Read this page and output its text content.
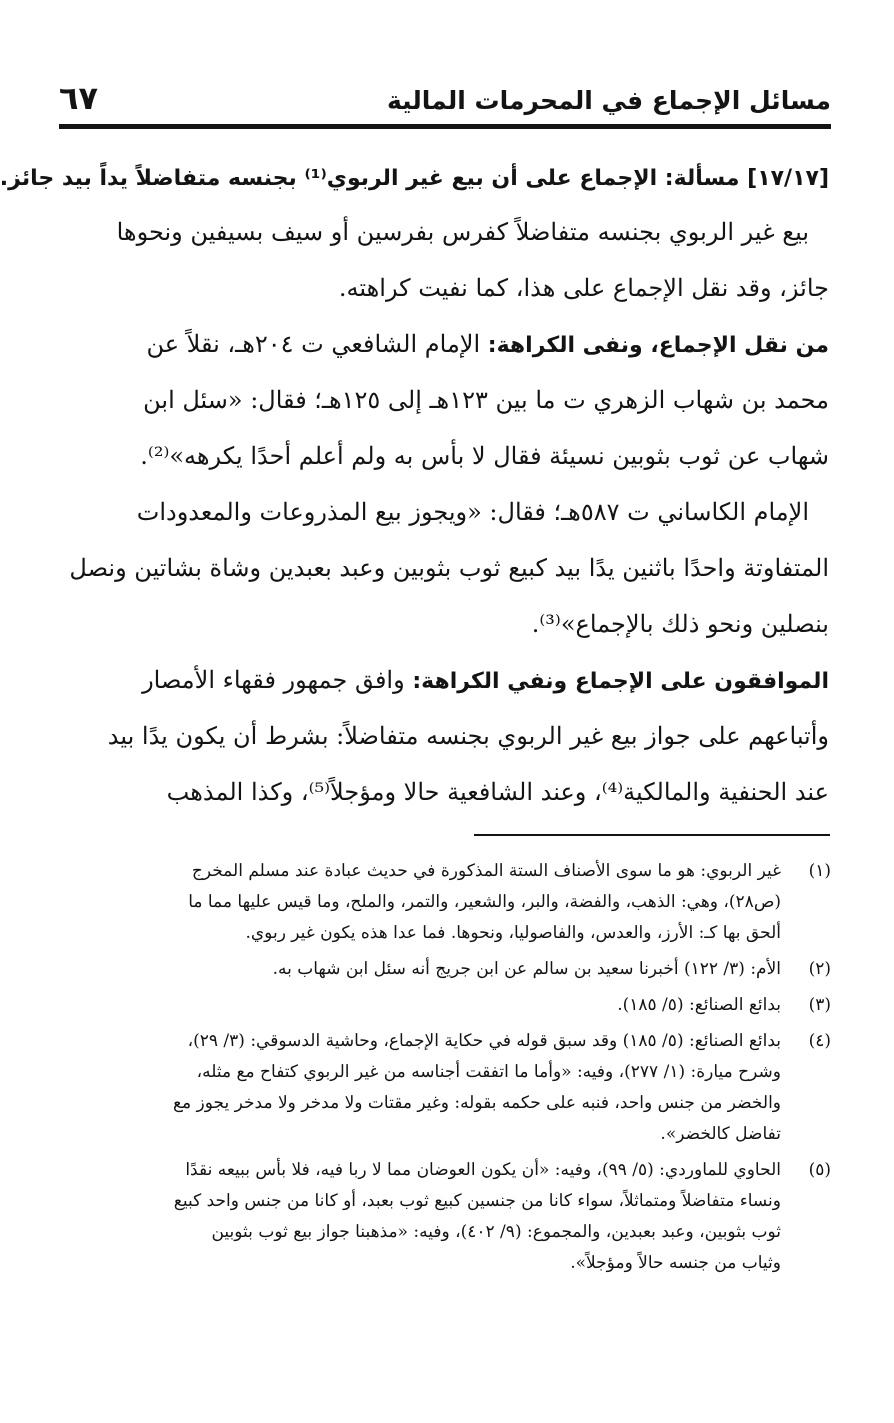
مسائل الإجماع في المحرمات المالية
٦٧
[١٧/١٧] مسألة: الإجماع على أن بيع غير الربوي⁽¹⁾ بجنسه متفاضلاً يداً بيد جائز.
بيع غير الربوي بجنسه متفاضلاً كفرس بفرسين أو سيف بسيفين ونحوها
جائز، وقد نقل الإجماع على هذا، كما نفيت كراهته.
من نقل الإجماع، ونفى الكراهة: الإمام الشافعي ت ٢٠٤هـ، نقلاً عن
محمد بن شهاب الزهري ت ما بين ١٢٣هـ إلى ١٢٥هـ؛ فقال: «سئل ابن
شهاب عن ثوب بثوبين نسيئة فقال لا بأس به ولم أعلم أحدًا يكرهه»⁽²⁾.
الإمام الكاساني ت ٥٨٧هـ؛ فقال: «ويجوز بيع المذروعات والمعدودات
المتفاوتة واحدًا باثنين يدًا بيد كبيع ثوب بثوبين وعبد بعبدين وشاة بشاتين ونصل
بنصلين ونحو ذلك بالإجماع»⁽³⁾.
الموافقون على الإجماع ونفي الكراهة: وافق جمهور فقهاء الأمصار
وأتباعهم على جواز بيع غير الربوي بجنسه متفاضلاً: بشرط أن يكون يدًا بيد
عند الحنفية والمالكية⁽⁴⁾، وعند الشافعية حالا ومؤجلاً⁽⁵⁾، وكذا المذهب
(١)غير الربوي: هو ما سوى الأصناف الستة المذكورة في حديث عبادة عند مسلم المخرج
(ص٢٨)، وهي: الذهب، والفضة، والبر، والشعير، والتمر، والملح، وما قيس عليها مما ما
ألحق بها كـ: الأرز، والعدس، والفاصوليا، ونحوها. فما عدا هذه يكون غير ربوي.
(٢)الأم: (٣/ ١٢٢) أخبرنا سعيد بن سالم عن ابن جريج أنه سئل ابن شهاب به.
(٣)بدائع الصنائع: (٥/ ١٨٥).
(٤)بدائع الصنائع: (٥/ ١٨٥) وقد سبق قوله في حكاية الإجماع، وحاشية الدسوقي: (٣/ ٢٩)،
وشرح ميارة: (١/ ٢٧٧)، وفيه: «وأما ما اتفقت أجناسه من غير الربوي كتفاح مع مثله،
والخضر من جنس واحد، فنبه على حكمه بقوله: وغير مقتات ولا مدخر ولا مدخر يجوز مع
تفاضل كالخضر».
(٥)الحاوي للماوردي: (٥/ ٩٩)، وفيه: «أن يكون العوضان مما لا ربا فيه، فلا بأس ببيعه نقدًا
ونساء متفاضلاً ومتماثلاً، سواء كانا من جنسين كبيع ثوب بعبد، أو كانا من جنس واحد كبيع
ثوب بثوبين، وعبد بعبدين، والمجموع: (٩/ ٤٠٢)، وفيه: «مذهبنا جواز بيع ثوب بثوبين
وثياب من جنسه حالاً ومؤجلاً».
